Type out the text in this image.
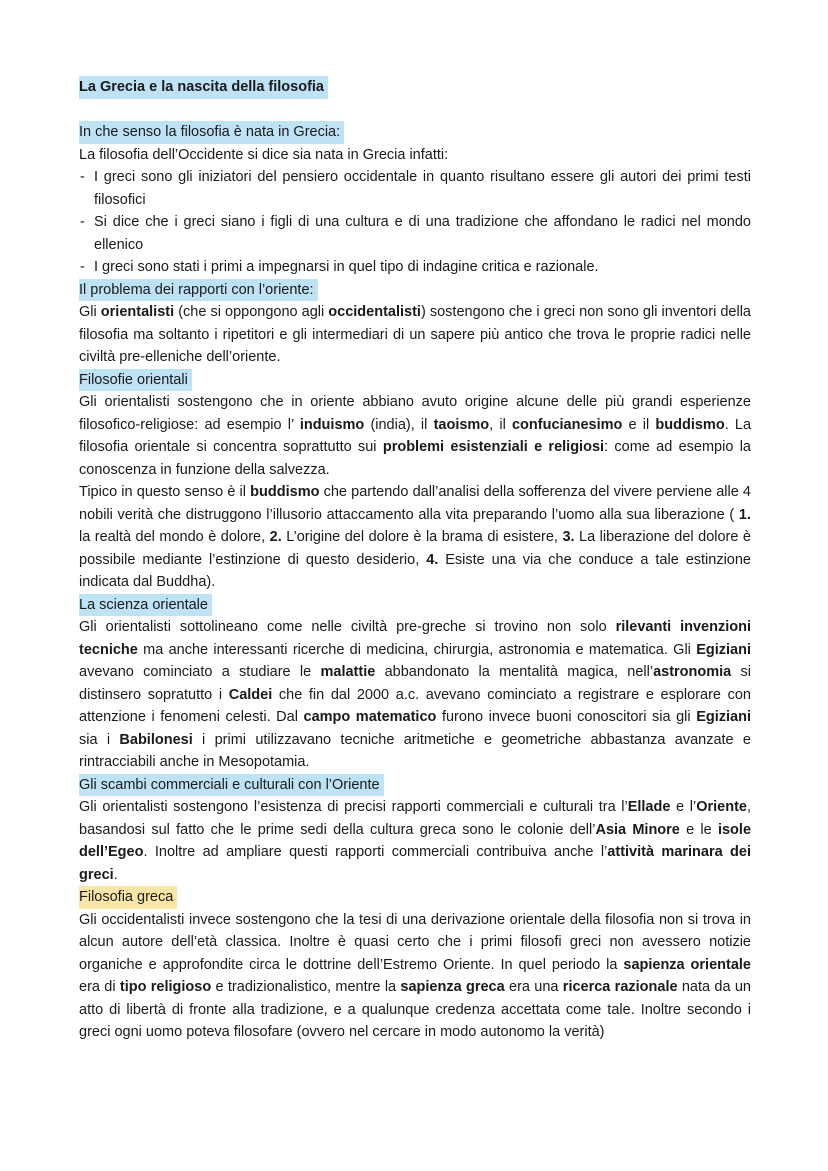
La Grecia e la nascita della filosofia
In che senso la filosofia è nata in Grecia:

La filosofia dell’Occidente si dice sia nata in Grecia infatti:

- I greci sono gli iniziatori del pensiero occidentale in quanto risultano essere gli autori dei primi testi filosofici
- Si dice che i greci siano i figli di una cultura e di una tradizione che affondano le radici nel mondo ellenico
- I greci sono stati i primi a impegnarsi in quel tipo di indagine critica e razionale.
Il problema dei rapporti con l’oriente:

Gli orientalisti (che si oppongono agli occidentalisti) sostengono che i greci non sono gli inventori della filosofia ma soltanto i ripetitori e gli intermediari di un sapere più antico che trova le proprie radici nelle civiltà pre-elleniche dell’oriente.

Filosofie orientali

Gli orientalisti sostengono che in oriente abbiano avuto origine alcune delle più grandi esperienze filosofico-religiose: ad esempio l’ induismo (india), il taoismo, il confucianesimo e il buddismo. La filosofia orientale si concentra soprattutto sui problemi esistenziali e religiosi: come ad esempio la conoscenza in funzione della salvezza.

Tipico in questo senso è il buddismo che partendo dall’analisi della sofferenza del vivere perviene alle 4 nobili verità che distruggono l’illusorio attaccamento alla vita preparando l’uomo alla sua liberazione ( 1. la realtà del mondo è dolore, 2. L’origine del dolore è la brama di esistere, 3. La liberazione del dolore è possibile mediante l’estinzione di questo desiderio, 4. Esiste una via che conduce a tale estinzione indicata dal Buddha).

La scienza orientale

Gli orientalisti sottolineano come nelle civiltà pre-greche si trovino non solo rilevanti invenzioni tecniche ma anche interessanti ricerche di medicina, chirurgia, astronomia e matematica. Gli Egiziani avevano cominciato a studiare le malattie abbandonato la mentalità magica, nell’astronomia si distinsero sopratutto i Caldei che fin dal 2000 a.c. avevano cominciato a registrare e esplorare con attenzione i fenomeni celesti. Dal campo matematico furono invece buoni conoscitori sia gli Egiziani sia i Babilonesi i primi utilizzavano tecniche aritmetiche e geometriche abbastanza avanzate e rintracciabili anche in Mesopotamia.

Gli scambi commerciali e culturali con l’Oriente

Gli orientalisti sostengono l’esistenza di precisi rapporti commerciali e culturali tra l’Ellade e l’Oriente, basandosi sul fatto che le prime sedi della cultura greca sono le colonie dell’Asia Minore e le isole dell’Egeo. Inoltre ad ampliare questi rapporti commerciali contribuiva anche l’attività marinara dei greci.

Filosofia greca

Gli occidentalisti invece sostengono che la tesi di una derivazione orientale della filosofia non si trova in alcun autore dell’età classica. Inoltre è quasi certo che i primi filosofi greci non avessero notizie organiche e approfondite circa le dottrine dell’Estremo Oriente. In quel periodo la sapienza orientale era di tipo religioso e tradizionalistico, mentre la sapienza greca era una ricerca razionale nata da un atto di libertà di fronte alla tradizione, e a qualunque credenza accettata come tale. Inoltre secondo i greci ogni uomo poteva filosofare (ovvero nel cercare in modo autonomo la verità)
